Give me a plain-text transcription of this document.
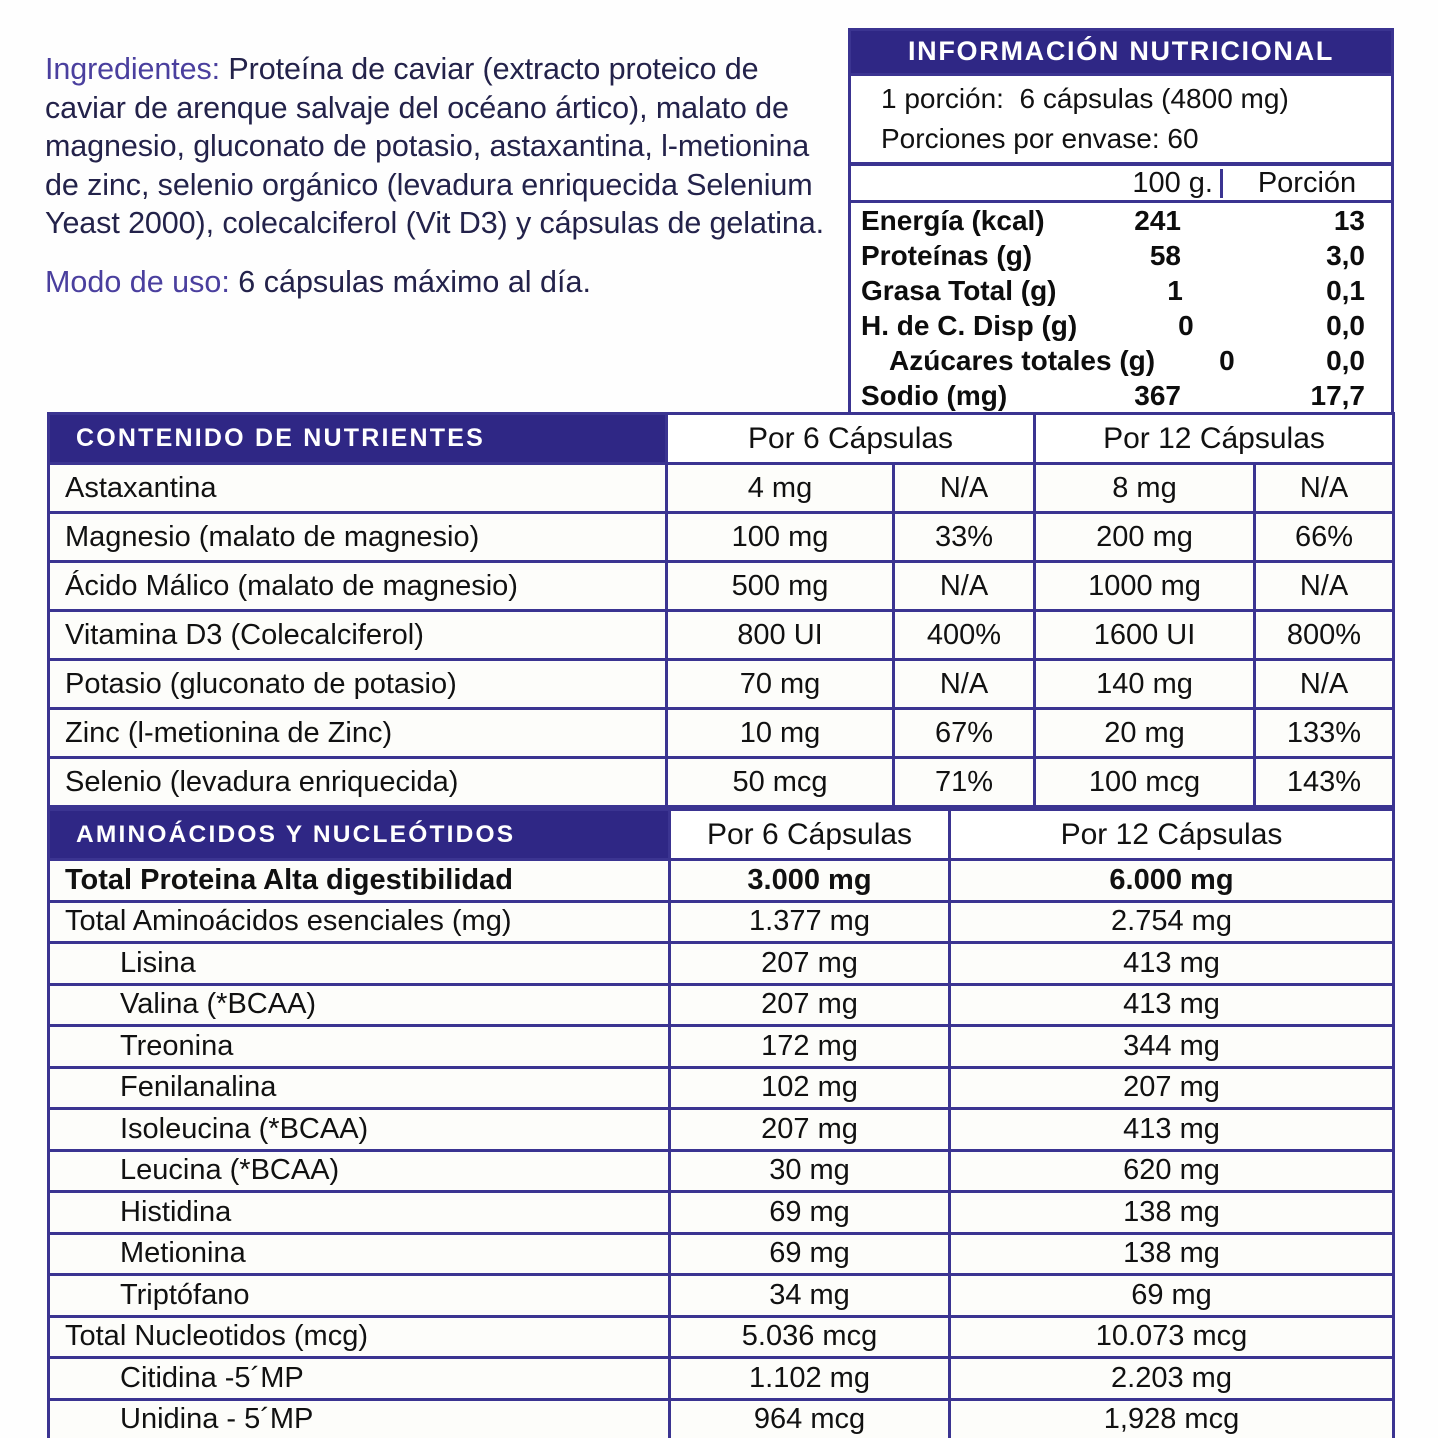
Ingredientes: Proteína de caviar (extracto proteico de caviar de arenque salvaje del océano ártico), malato de magnesio, gluconato de potasio, astaxantina, l-metionina de zinc, selenio orgánico (levadura enriquecida Selenium Yeast 2000), colecalciferol (Vit D3) y cápsulas de gelatina.
Modo de uso: 6 cápsulas máximo al día.
INFORMACIÓN NUTRICIONAL
1 porción:  6 cápsulas (4800 mg)
Porciones por envase: 60
100 g.	Porción
Energía (kcal)	241	13
Proteínas (g)	58	3,0
Grasa Total (g)	1	0,1
H. de C. Disp (g)	0	0,0
Azúcares totales (g)	0	0,0
Sodio (mg)	367	17,7
CONTENIDO DE NUTRIENTES	Por 6 Cápsulas	Por 12 Cápsulas
Astaxantina	4 mg	N/A	8 mg	N/A
Magnesio (malato de magnesio)	100 mg	33%	200 mg	66%
Ácido Málico (malato de magnesio)	500 mg	N/A	1000 mg	N/A
Vitamina D3 (Colecalciferol)	800 UI	400%	1600 UI	800%
Potasio (gluconato de potasio)	70 mg	N/A	140 mg	N/A
Zinc (l-metionina de Zinc)	10 mg	67%	20 mg	133%
Selenio (levadura enriquecida)	50 mcg	71%	100 mcg	143%
AMINOÁCIDOS Y NUCLEÓTIDOS	Por 6 Cápsulas	Por 12 Cápsulas
Total Proteina Alta digestibilidad	3.000 mg	6.000 mg
Total Aminoácidos esenciales (mg)	1.377 mg	2.754 mg
Lisina	207 mg	413 mg
Valina (*BCAA)	207 mg	413 mg
Treonina	172 mg	344 mg
Fenilanalina	102 mg	207 mg
Isoleucina (*BCAA)	207 mg	413 mg
Leucina (*BCAA)	30 mg	620 mg
Histidina	69 mg	138 mg
Metionina	69 mg	138 mg
Triptófano	34 mg	69 mg
Total Nucleotidos (mcg)	5.036 mcg	10.073 mcg
Citidina -5´MP	1.102 mg	2.203 mg
Unidina - 5´MP	964 mcg	1,928 mcg
